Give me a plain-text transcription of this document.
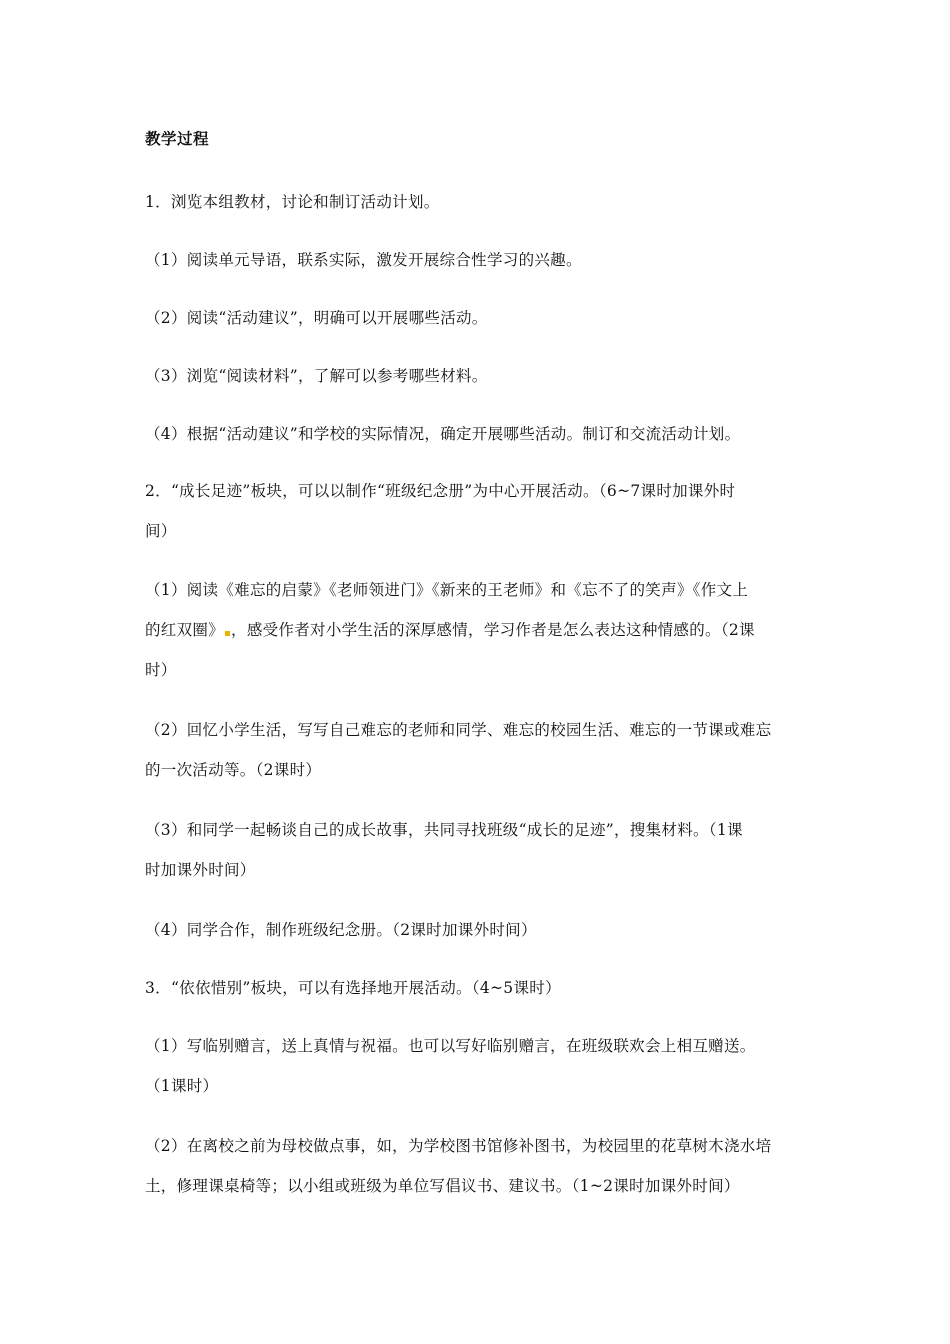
教学过程
1．浏览本组教材，讨论和制订活动计划。
（1）阅读单元导语，联系实际，激发开展综合性学习的兴趣。
（2）阅读“活动建议”，明确可以开展哪些活动。
（3）浏览“阅读材料”，了解可以参考哪些材料。
（4）根据“活动建议”和学校的实际情况，确定开展哪些活动。制订和交流活动计划。
2．“成长足迹”板块，可以以制作“班级纪念册”为中心开展活动。（6~7课时加课外时
间）
（1）阅读《难忘的启蒙》《老师领进门》《新来的王老师》和《忘不了的笑声》《作文上
的红双圈》 ，感受作者对小学生活的深厚感情，学习作者是怎么表达这种情感的。（2课
时）
（2）回忆小学生活，写写自己难忘的老师和同学、难忘的校园生活、难忘的一节课或难忘
的一次活动等。（2课时）
（3）和同学一起畅谈自己的成长故事，共同寻找班级“成长的足迹”，搜集材料。（1课
时加课外时间）
（4）同学合作，制作班级纪念册。（2课时加课外时间）
3．“依依惜别”板块，可以有选择地开展活动。（4~5课时）
（1）写临别赠言，送上真情与祝福。也可以写好临别赠言，在班级联欢会上相互赠送。
（1课时）
（2）在离校之前为母校做点事，如，为学校图书馆修补图书，为校园里的花草树木浇水培
土，修理课桌椅等；以小组或班级为单位写倡议书、建议书。（1~2课时加课外时间）
